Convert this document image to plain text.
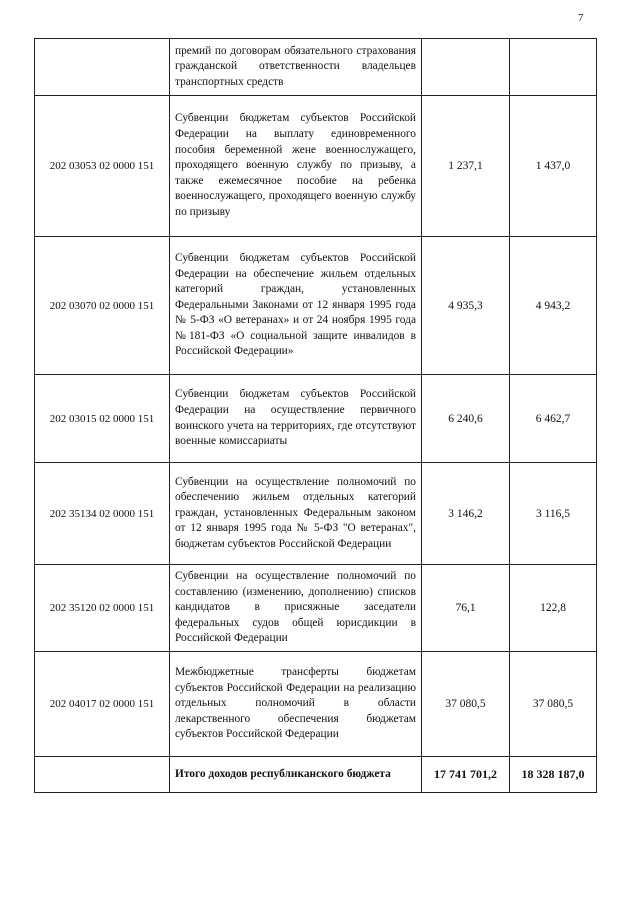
7
	премий по договорам обязательного страхования гражданской ответственности владельцев транспортных средств		
202 03053 02 0000 151	Субвенции бюджетам субъектов Российской Федерации на выплату единовременного пособия беременной жене военнослужащего, проходящего военную службу по призыву, а также ежемесячное пособие на ребенка военнослужащего, проходящего военную службу по призыву	1 237,1	1 437,0
202 03070 02 0000 151	Субвенции бюджетам субъектов Российской Федерации на обеспечение жильем отдельных категорий граждан, установленных Федеральными Законами от 12 января 1995 года № 5-ФЗ «О ветеранах» и от 24 ноября 1995 года №181-ФЗ «О социальной защите инвалидов в Российской Федерации»	4 935,3	4 943,2
202 03015 02 0000 151	Субвенции бюджетам субъектов Российской Федерации на осуществление первичного воинского учета на территориях, где отсутствуют военные комиссариаты	6 240,6	6 462,7
202 35134 02 0000 151	Субвенции на осуществление полномочий по обеспечению жильем отдельных категорий граждан, установленных Федеральным законом от 12 января 1995 года № 5-ФЗ "О ветеранах", бюджетам субъектов Российской Федерации	3 146,2	3 116,5
202 35120 02 0000 151	Субвенции на осуществление полномочий по составлению (изменению, дополнению) списков кандидатов в присяжные заседатели федеральных судов общей юрисдикции в Российской Федерации	76,1	122,8
202 04017 02 0000 151	Межбюджетные трансферты бюджетам субъектов Российской Федерации на реализацию отдельных полномочий в области лекарственного обеспечения бюджетам субъектов Российской Федерации	37 080,5	37 080,5
	Итого доходов республиканского бюджета	17 741 701,2	18 328 187,0
